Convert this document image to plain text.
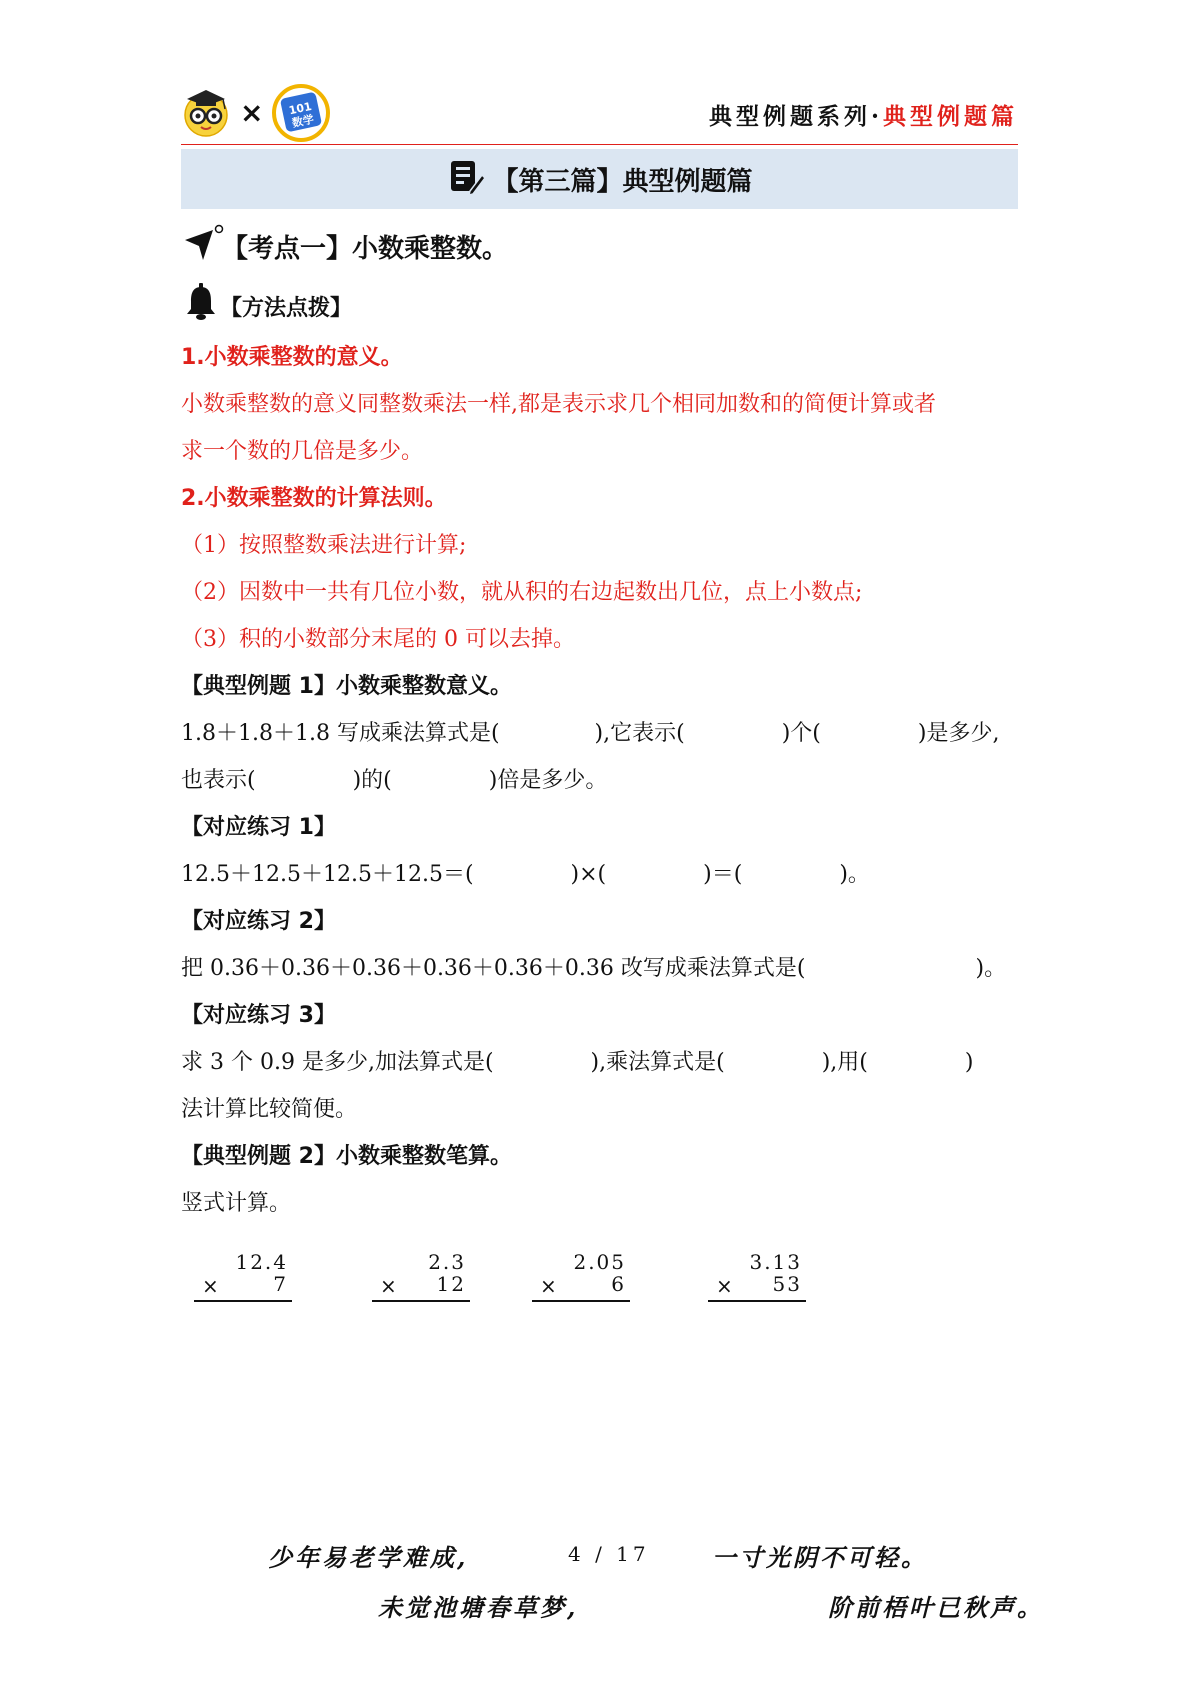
× 101
数学	典型例题系列·典型例题篇
【第三篇】典型例题篇
【考点一】小数乘整数。
【方法点拨】
1.小数乘整数的意义。
小数乘整数的意义同整数乘法一样,都是表示求几个相同加数和的简便计算或者
求一个数的几倍是多少。
2.小数乘整数的计算法则。
（1）按照整数乘法进行计算;
（2）因数中一共有几位小数，就从积的右边起数出几位，点上小数点;
（3）积的小数部分末尾的 0 可以去掉。
【典型例题 1】小数乘整数意义。
1.8＋1.8＋1.8 写成乘法算式是(	),它表示(	)个(	)是多少,
也表示(	)的(	)倍是多少。
【对应练习 1】
12.5＋12.5＋12.5＋12.5＝(	)×(	)＝(	)。
【对应练习 2】
把 0.36＋0.36＋0.36＋0.36＋0.36＋0.36 改写成乘法算式是(	)。
【对应练习 3】
求 3 个 0.9 是多少,加法算式是(	),乘法算式是(	),用(	)
法计算比较简便。
【典型例题 2】小数乘整数笔算。
竖式计算。
12.4
×	7
2.3
× 12
2.05
×	6
3.13
× 53
少年易老学难成,	4 / 17	一寸光阴不可轻。
未觉池塘春草梦,	阶前梧叶已秋声。
